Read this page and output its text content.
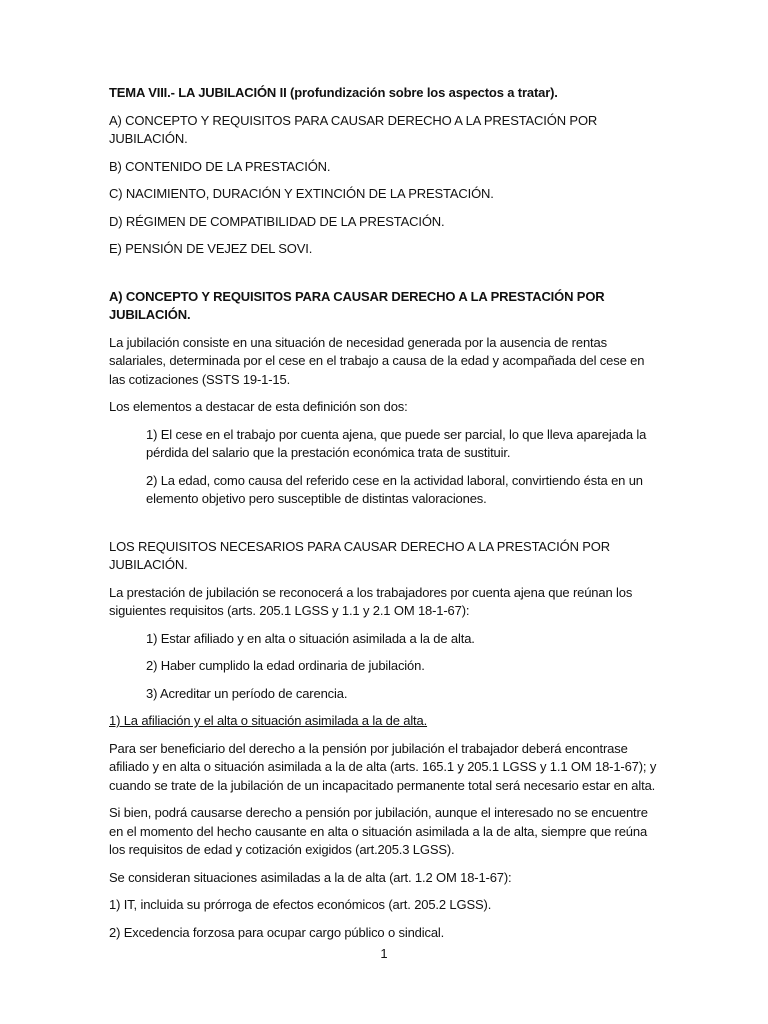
TEMA VIII.- LA JUBILACIÓN II (profundización sobre los aspectos a tratar).

A) CONCEPTO Y REQUISITOS PARA CAUSAR DERECHO A LA PRESTACIÓN POR JUBILACIÓN.

B) CONTENIDO DE LA PRESTACIÓN.

C) NACIMIENTO, DURACIÓN Y EXTINCIÓN DE LA PRESTACIÓN.

D) RÉGIMEN DE COMPATIBILIDAD DE LA PRESTACIÓN.

E) PENSIÓN DE VEJEZ DEL SOVI.

A) CONCEPTO Y REQUISITOS PARA CAUSAR DERECHO A LA PRESTACIÓN POR JUBILACIÓN.

La jubilación consiste en una situación de necesidad generada por la ausencia de rentas salariales, determinada por el cese en el trabajo a causa de la edad y acompañada del cese en las cotizaciones (SSTS 19-1-15.

Los elementos a destacar de esta definición son dos:

1) El cese en el trabajo por cuenta ajena, que puede ser parcial, lo que lleva aparejada la pérdida del salario que la prestación económica trata de sustituir.

2) La edad, como causa del referido cese en la actividad laboral, convirtiendo ésta en un elemento objetivo pero susceptible de distintas valoraciones.

LOS REQUISITOS NECESARIOS PARA CAUSAR DERECHO A LA PRESTACIÓN POR JUBILACIÓN.

La prestación de jubilación se reconocerá a los trabajadores por cuenta ajena que reúnan los siguientes requisitos (arts. 205.1 LGSS y 1.1 y 2.1 OM 18-1-67):

1) Estar afiliado y en alta o situación asimilada a la de alta.

2) Haber cumplido la edad ordinaria de jubilación.

3) Acreditar un período de carencia.

1) La afiliación y el alta o situación asimilada a la de alta.

Para ser beneficiario del derecho a la pensión por jubilación el trabajador deberá encontrase afiliado y en alta o situación asimilada a la de alta (arts. 165.1 y 205.1 LGSS y 1.1 OM 18-1-67); y cuando se trate de la jubilación de un incapacitado permanente total será necesario estar en alta.

Si bien, podrá causarse derecho a pensión por jubilación, aunque el interesado no se encuentre en el momento del hecho causante en alta o situación asimilada a la de alta, siempre que reúna los requisitos de edad y cotización exigidos (art.205.3 LGSS).

Se consideran situaciones asimiladas a la de alta (art. 1.2 OM 18-1-67):

1) IT, incluida su prórroga de efectos económicos (art. 205.2 LGSS).

2) Excedencia forzosa para ocupar cargo público o sindical.

1
